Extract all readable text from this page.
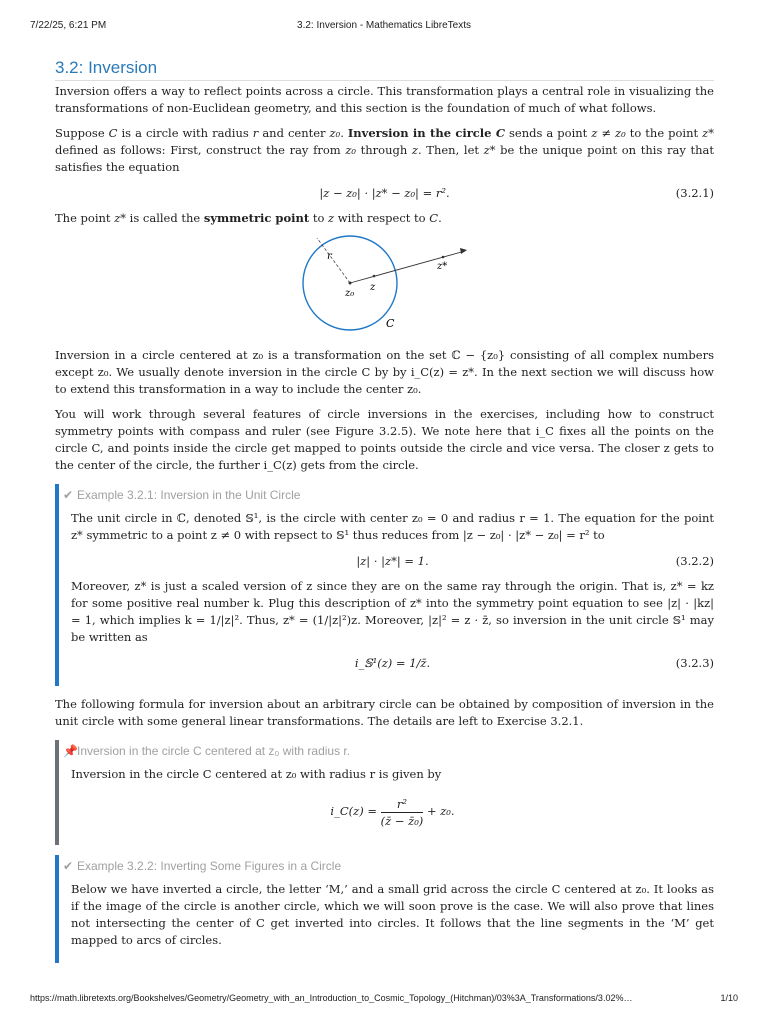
7/22/25, 6:21 PM	3.2: Inversion - Mathematics LibreTexts
3.2: Inversion

Inversion offers a way to reflect points across a circle. This transformation plays a central role in visualizing the transformations of non-Euclidean geometry, and this section is the foundation of much of what follows.

Suppose C is a circle with radius r and center z₀. Inversion in the circle C sends a point z ≠ z₀ to the point z* defined as follows: First, construct the ray from z₀ through z. Then, let z* be the unique point on this ray that satisfies the equation

|z − z₀| · |z* − z₀| = r².	(3.2.1)

The point z* is called the symmetric point to z with respect to C.

r
z
z*
z₀
C

Inversion in a circle centered at z₀ is a transformation on the set ℂ − {z₀} consisting of all complex numbers except z₀. We usually denote inversion in the circle C by by i_C(z) = z*. In the next section we will discuss how to extend this transformation in a way to include the center z₀.

You will work through several features of circle inversions in the exercises, including how to construct symmetry points with compass and ruler (see Figure 3.2.5). We note here that i_C fixes all the points on the circle C, and points inside the circle get mapped to points outside the circle and vice versa. The closer z gets to the center of the circle, the further i_C(z) gets from the circle.

✔ Example 3.2.1: Inversion in the Unit Circle

The unit circle in ℂ, denoted 𝕊¹, is the circle with center z₀ = 0 and radius r = 1. The equation for the point z* symmetric to a point z ≠ 0 with repsect to 𝕊¹ thus reduces from |z − z₀| · |z* − z₀| = r² to

|z| · |z*| = 1.	(3.2.2)

Moreover, z* is just a scaled version of z since they are on the same ray through the origin. That is, z* = kz for some positive real number k. Plug this description of z* into the symmetry point equation to see |z| · |kz| = 1, which implies k = 1/|z|². Thus, z* = (1/|z|²)z. Moreover, |z|² = z · z̄, so inversion in the unit circle 𝕊¹ may be written as

i_𝕊¹(z) = 1/z̄.	(3.2.3)

The following formula for inversion about an arbitrary circle can be obtained by composition of inversion in the unit circle with some general linear transformations. The details are left to Exercise 3.2.1.

📌Inversion in the circle C centered at z₀ with radius r.

Inversion in the circle C centered at z₀ with radius r is given by

i_C(z) = $\frac{\text{r²}}{\text{(z̄ − z̄₀)}} + z_0$.
✔ Example 3.2.2: Inverting Some Figures in a Circle

Below we have inverted a circle, the letter ‘M,’ and a small grid across the circle C centered at z₀. It looks as if the image of the circle is another circle, which we will soon prove is the case. We will also prove that lines not intersecting the center of C get inverted into circles. It follows that the line segments in the ‘M’ get mapped to arcs of circles.

https://math.libretexts.org/Bookshelves/Geometry/Geometry_with_an_Introduction_to_Cosmic_Topology_(Hitchman)/03%3A_Transformations/3.02%…	1/10
